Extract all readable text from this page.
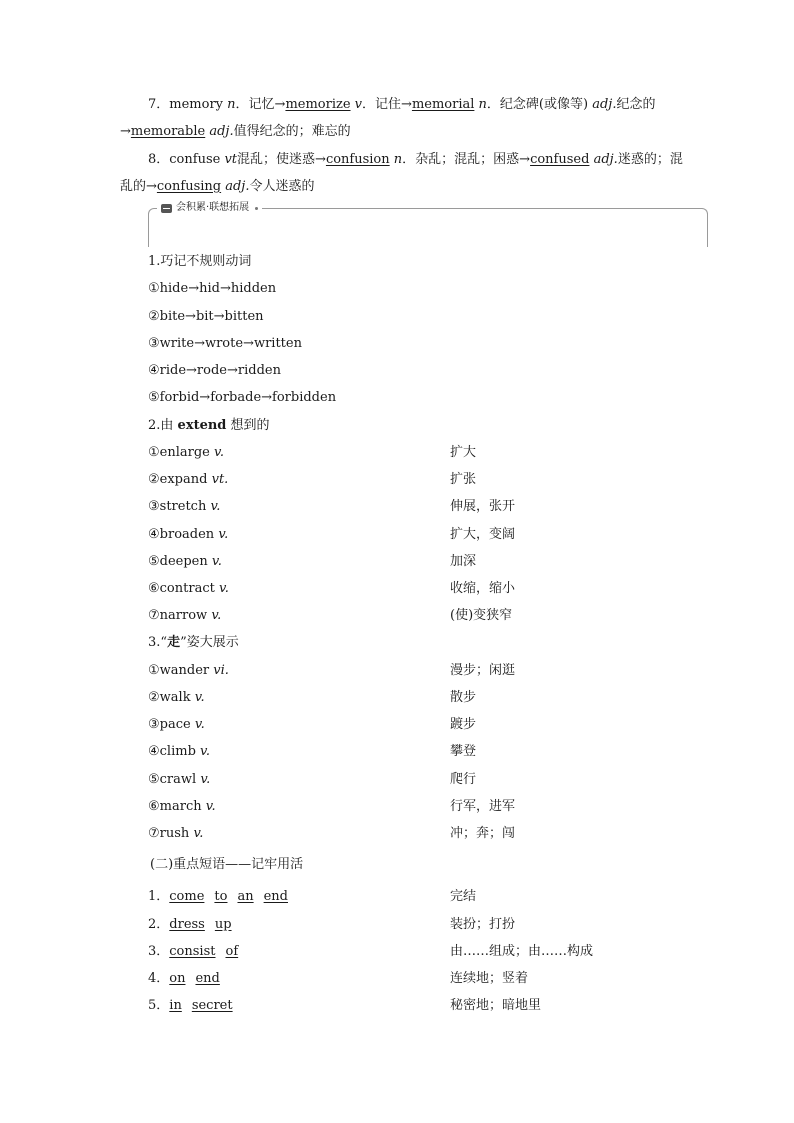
7．memory n．记忆→memorize v．记住→memorial n．纪念碑(或像等) adj.纪念的
→memorable adj.值得纪念的；难忘的
8．confuse vt混乱；使迷惑→confusion n．杂乱；混乱；困惑→confused adj.迷惑的；混
乱的→confusing adj.令人迷惑的
会积累·联想拓展
1.巧记不规则动词
①hide→hid→hidden
②bite→bit→bitten
③write→wrote→written
④ride→rode→ridden
⑤forbid→forbade→forbidden
2.由 extend 想到的
①enlarge v.	扩大
②expand vt.	扩张
③stretch v.	伸展，张开
④broaden v.	扩大，变阔
⑤deepen v.	加深
⑥contract v.	收缩，缩小
⑦narrow v.	(使)变狭窄
3.“走”姿大展示
①wander vi.	漫步；闲逛
②walk v.	散步
③pace v.	踱步
④climb v.	攀登
⑤crawl v.	爬行
⑥march v.	行军，进军
⑦rush v.	冲；奔；闯
(二)重点短语——记牢用活
1．come to an end	完结
2．dress up	装扮；打扮
3．consist of	由……组成；由……构成
4．on end	连续地；竖着
5．in secret	秘密地；暗地里
